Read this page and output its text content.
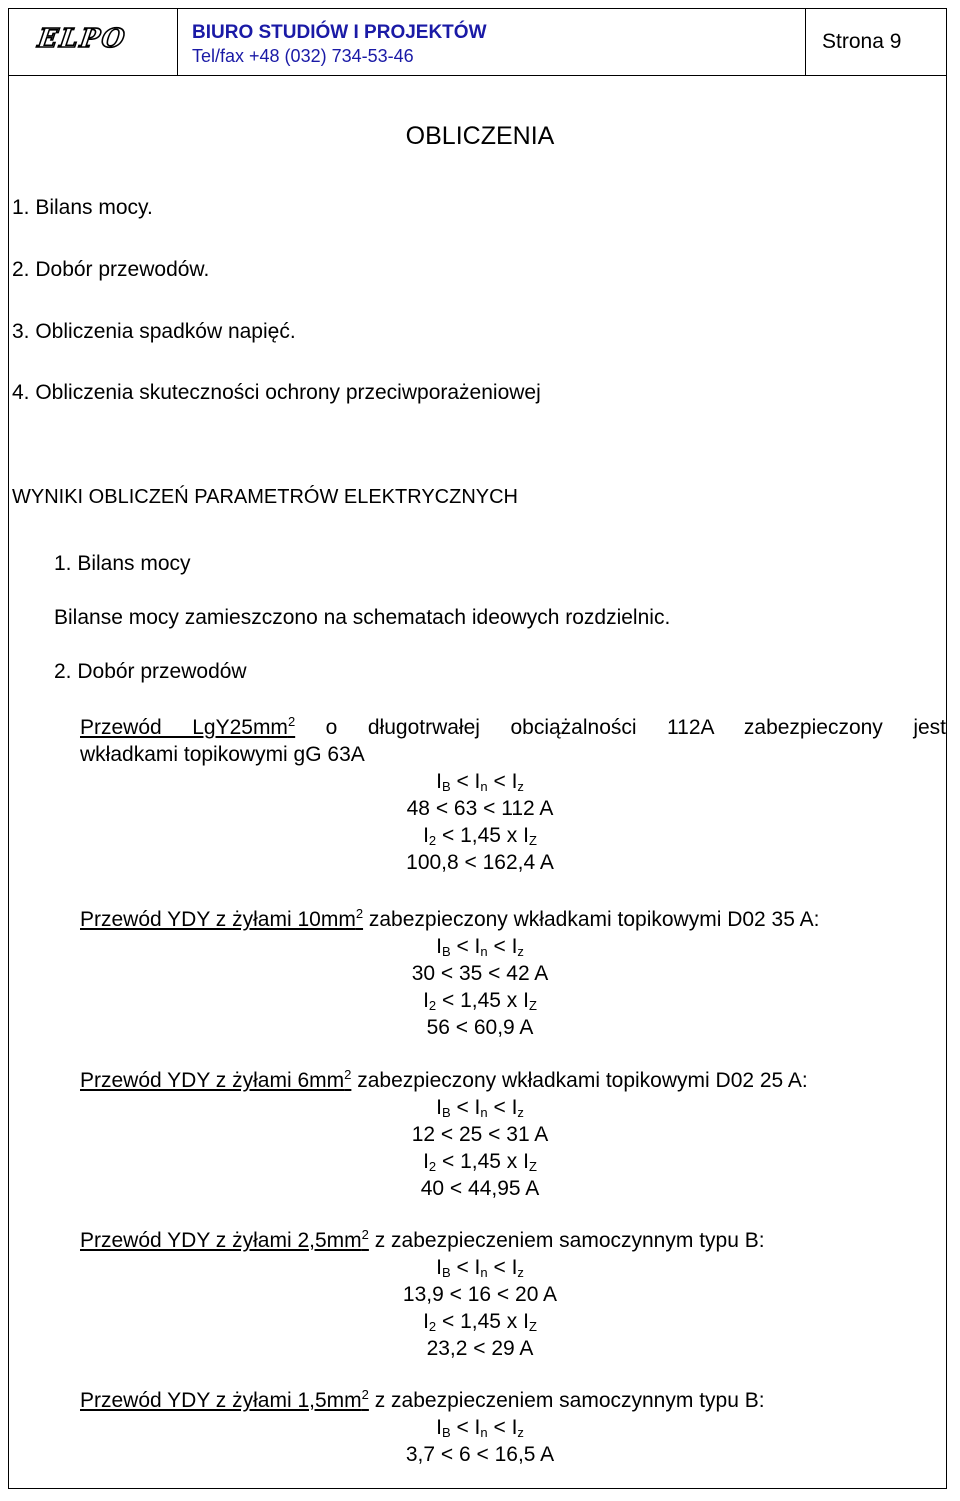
ELPO	BIURO STUDIÓW I PROJEKTÓW
Tel/fax +48 (032) 734-53-46
Strona 9
OBLICZENIA
1. Bilans mocy.
2. Dobór przewodów.
3. Obliczenia spadków napięć.
4. Obliczenia skuteczności ochrony przeciwporażeniowej
WYNIKI OBLICZEŃ PARAMETRÓW ELEKTRYCZNYCH
1. Bilans mocy
Bilanse mocy zamieszczono na schematach ideowych rozdzielnic.
2. Dobór przewodów
Przewód $LgY25mm^2$ o długotrwałej obciążalności 112A zabezpieczony jest
wkładkami topikowymi gG 63A
$I_B < I_n < I_z$
48 < 63 < 112 A
$I_2 < 1,45$ x $I_Z$
100,8 < 162,4 A
Przewód YDY z żyłami $10mm^2$ zabezpieczony wkładkami topikowymi D02 35 A:
$I_B < I_n < I_z$
30 < 35 < 42 A
$I_2 < 1,45$ x $I_Z$
56 < 60,9 A
Przewód YDY z żyłami $6mm^2$ zabezpieczony wkładkami topikowymi D02 25 A:
$I_B < I_n < I_z$
12 < 25 < 31 A
$I_2 < 1,45$ x $I_Z$
40 < 44,95 A
Przewód YDY z żyłami $2,5mm^2$ z zabezpieczeniem samoczynnym typu B:
$I_B < I_n < I_z$
13,9 < 16 < 20 A
$I_2 < 1,45$ x $I_Z$
23,2 < 29 A
Przewód YDY z żyłami $1,5mm^2$ z zabezpieczeniem samoczynnym typu B:
$I_B < I_n < I_z$
3,7 < 6 < 16,5 A
